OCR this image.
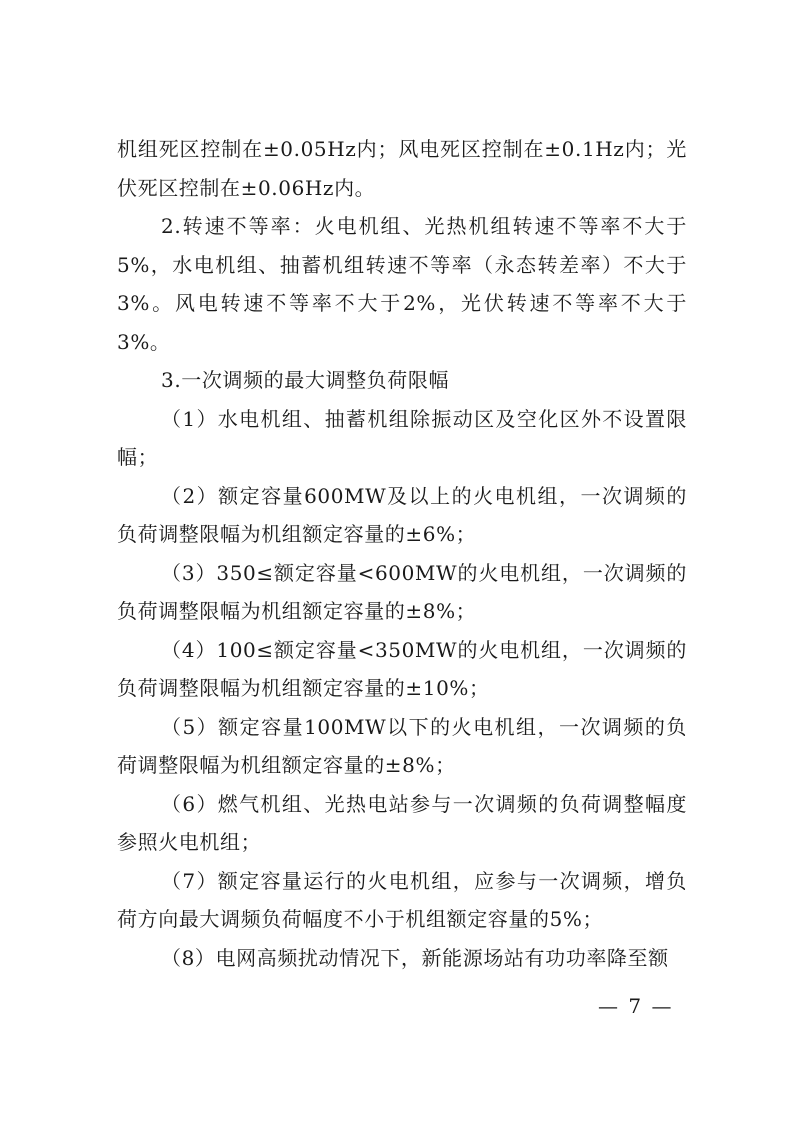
机组死区控制在±0.05Hz内；风电死区控制在±0.1Hz内；光伏死区控制在±0.06Hz内。

2.转速不等率：火电机组、光热机组转速不等率不大于5%，水电机组、抽蓄机组转速不等率（永态转差率）不大于3%。风电转速不等率不大于2%，光伏转速不等率不大于3%。

3.一次调频的最大调整负荷限幅

（1）水电机组、抽蓄机组除振动区及空化区外不设置限幅；

（2）额定容量600MW及以上的火电机组，一次调频的负荷调整限幅为机组额定容量的±6%；

（3）350≤额定容量<600MW的火电机组，一次调频的负荷调整限幅为机组额定容量的±8%；

（4）100≤额定容量<350MW的火电机组，一次调频的负荷调整限幅为机组额定容量的±10%；

（5）额定容量100MW以下的火电机组，一次调频的负荷调整限幅为机组额定容量的±8%；

（6）燃气机组、光热电站参与一次调频的负荷调整幅度参照火电机组；

（7）额定容量运行的火电机组，应参与一次调频，增负荷方向最大调频负荷幅度不小于机组额定容量的5%；

（8）电网高频扰动情况下，新能源场站有功功率降至额

— 7 —
